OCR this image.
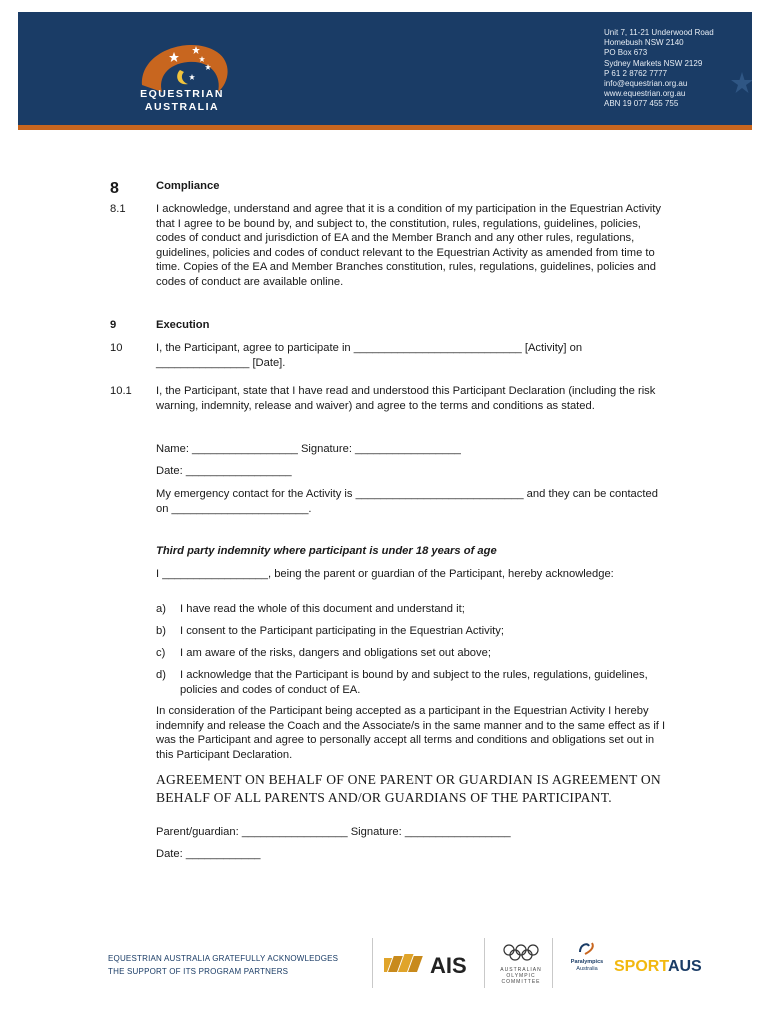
EQUESTRIAN
AUSTRALIA
Unit 7, 11-21 Underwood Road
Homebush NSW 2140
PO Box 673
Sydney Markets NSW 2129
P 61 2 8762 7777
info@equestrian.org.au
www.equestrian.org.au
ABN 19 077 455 755
8	Compliance
8.1	I acknowledge, understand and agree that it is a condition of my participation in the Equestrian Activity that I agree to be bound by, and subject to, the constitution, rules, regulations, guidelines, policies, codes of conduct and jurisdiction of EA and the Member Branch and any other rules, regulations, guidelines, policies and codes of conduct relevant to the Equestrian Activity as amended from time to time. Copies of the EA and Member Branches constitution, rules, regulations, guidelines, policies and codes of conduct are available online.
9	Execution
10	I, the Participant, agree to participate in ___________________________ [Activity] on _______________ [Date].
10.1 I, the Participant, state that I have read and understood this Participant Declaration (including the risk warning, indemnity, release and waiver) and agree to the terms and conditions as stated.
Name: _________________ Signature: _________________
Date: _________________
My emergency contact for the Activity is ___________________________ and they can be contacted on ______________________.
Third party indemnity where participant is under 18 years of age
I _________________, being the parent or guardian of the Participant, hereby acknowledge:
a) I have read the whole of this document and understand it;
b) I consent to the Participant participating in the Equestrian Activity;
c) I am aware of the risks, dangers and obligations set out above;
d) I acknowledge that the Participant is bound by and subject to the rules, regulations, guidelines, policies and codes of conduct of EA.
In consideration of the Participant being accepted as a participant in the Equestrian Activity I hereby indemnify and release the Coach and the Associate/s in the same manner and to the same effect as if I was the Participant and agree to personally accept all terms and conditions and obligations set out in this Participant Declaration.
AGREEMENT ON BEHALF OF ONE PARENT OR GUARDIAN IS AGREEMENT ON BEHALF OF ALL PARENTS AND/OR GUARDIANS OF THE PARTICIPANT.
Parent/guardian: _________________ Signature: _________________
Date: ____________
EQUESTRIAN AUSTRALIA GRATEFULLY ACKNOWLEDGES
THE SUPPORT OF ITS PROGRAM PARTNERS	AIS	AUSTRALIAN
OLYMPIC
COMMITTEE
Paralympics
Australia	SPORTAUS
